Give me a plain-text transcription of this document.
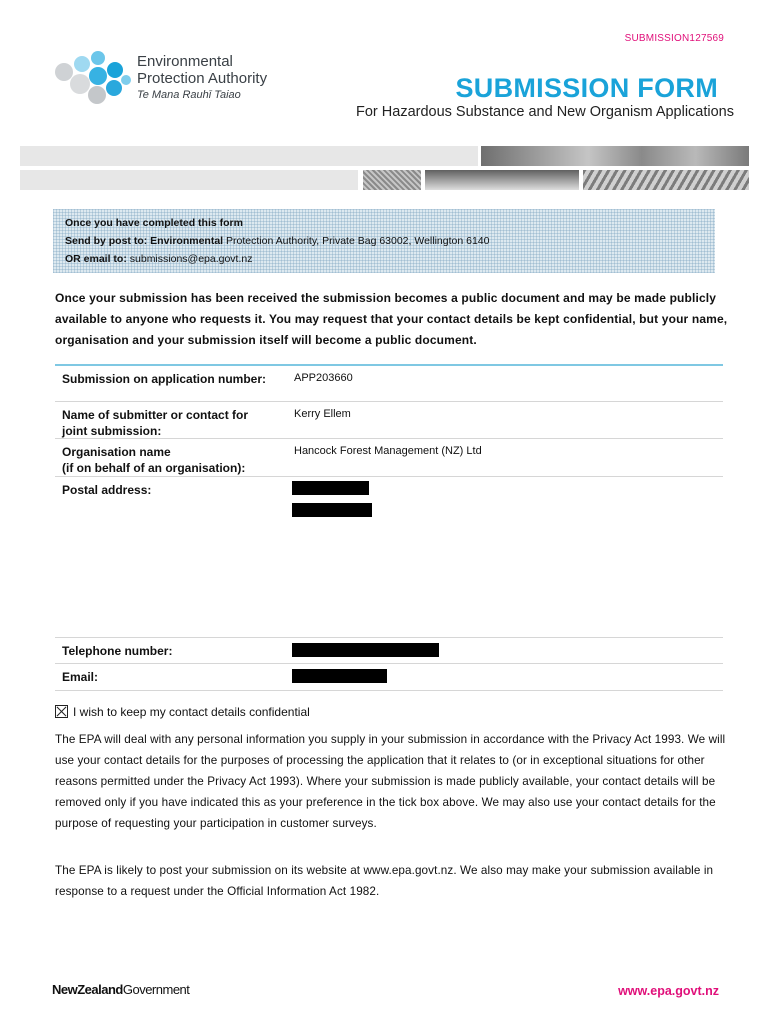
SUBMISSION127569
Environmental
Protection Authority
Te Mana Rauhī Taiao	SUBMISSION FORM
For Hazardous Substance and New Organism Applications
Once you have completed this form
Send by post to: Environmental Protection Authority, Private Bag 63002, Wellington 6140
OR email to: submissions@epa.govt.nz
Once your submission has been received the submission becomes a public document and may be made publicly available to anyone who requests it. You may request that your contact details be kept confidential, but your name, organisation and your submission itself will become a public document.
Submission on application number:	APP203660
Name of submitter or contact for joint submission:
Kerry Ellem
Organisation name
(if on behalf of an organisation):
Hancock Forest Management (NZ) Ltd
Postal address:
Telephone number:
Email:
I wish to keep my contact details confidential
The EPA will deal with any personal information you supply in your submission in accordance with the Privacy Act 1993. We will use your contact details for the purposes of processing the application that it relates to (or in exceptional situations for other reasons permitted under the Privacy Act 1993). Where your submission is made publicly available, your contact details will be removed only if you have indicated this as your preference in the tick box above. We may also use your contact details for the purpose of requesting your participation in customer surveys.
The EPA is likely to post your submission on its website at www.epa.govt.nz. We also may make your submission available in response to a request under the Official Information Act 1982.
NewZealandGovernment	www.epa.govt.nz
